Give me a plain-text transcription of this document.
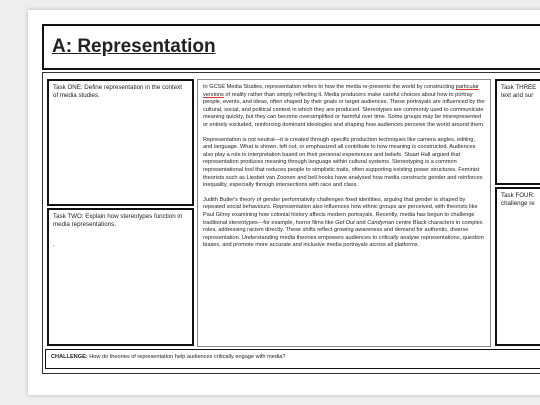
A: Representation
Task ONE: Define representation in the context of media studies.
Task TWO: Explain how stereotypes function in media representations.
.

In GCSE Media Studies, representation refers to how the media re-presents the world by constructing particular versions of reality rather than simply reflecting it. Media producers make careful choices about how to portray people, events, and ideas, often shaped by their goals or target audiences. These portrayals are influenced by the cultural, social, and political context in which they are produced. Stereotypes are commonly used to communicate meaning quickly, but they can become oversimplified or harmful over time. Some groups may be misrepresented or entirely excluded, reinforcing dominant ideologies and shaping how audiences perceive the world around them.

Representation is not neutral—it is created through specific production techniques like camera angles, editing, and language. What is shown, left out, or emphasized all contribute to how meaning is constructed. Audiences also play a role in interpretation based on their personal experiences and beliefs. Stuart Hall argued that representation produces meaning through language within cultural systems. Stereotyping is a common representational tool that reduces people to simplistic traits, often supporting existing power structures. Feminist theorists such as Liesbet van Zoonen and bell hooks have analysed how media constructs gender and reinforces inequality, especially through intersections with race and class.

Judith Butler's theory of gender performativity challenges fixed identities, arguing that gender is shaped by repeated social behaviours. Representation also influences how ethnic groups are perceived, with theorists like Paul Gilroy examining how colonial history affects modern portrayals. Recently, media has begun to challenge traditional stereotypes—for example, horror films like Get Out and Candyman centre Black characters in complex roles, addressing racism directly. These shifts reflect growing awareness and demand for authentic, diverse representation. Understanding media theories empowers audiences to critically analyse representations, question biases, and promote more accurate and inclusive media portrayals across all platforms.

Task THREE
text and sur
Task FOUR:
challenge re
CHALLENGE: How do theories of representation help audiences critically engage with media?
